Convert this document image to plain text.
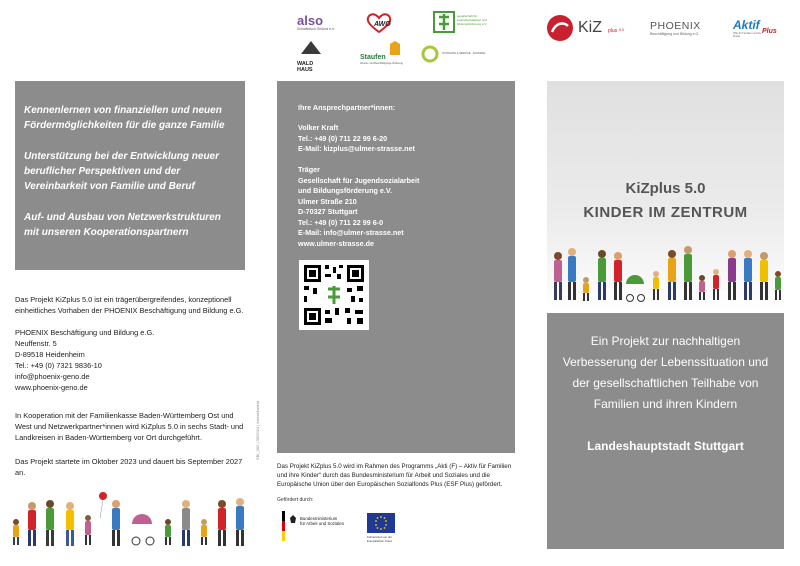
also
Schwäbisch Gmünd e.V.
AWO
gesellschaft für jugendsozialarbeit und bildungsförderung e.V.
WALD
HAUS
Staufen
Arbeits- und Beschäftigungs-förderung
IN PRIVATE & SERVICE · ZAHNRAD
KiZ plus 5.0 PHOENIX
Beschäftigung und Bildung e.G.
Aktif Plus
Hilfe für Familien und ihre Kinder

Kennenlernen von finanziellen und neuen Fördermöglichkeiten für die ganze Familie

Unterstützung bei der Entwicklung neuer beruflicher Perspektiven und der Vereinbarkeit von Familie und Beruf

Auf- und Ausbau von Netzwerkstrukturen mit unseren Kooperationspartnern

Das Projekt KiZplus 5.0 ist ein trägerübergreifendes, konzeptionell einheitliches Vorhaben der PHOENIX Beschäftigung und Bildung e.G.
PHOENIX Beschäftigung und Bildung e.G.
Neuffenstr. 5
D-89518 Heidenheim
Tel.: +49 (0) 7321 9836-10
info@phoenix-geno.de
www.phoenix-geno.de
In Kooperation mit der Familienkasse Baden-Württemberg Ost und West und Netzwerkpartner*innen wird KiZplus 5.0 in sechs Stadt- und Landkreisen in Baden-Württemberg vor Ort durchgeführt.
Das Projekt startete im Oktober 2023 und dauert bis September 2027 an.
SBI_002 | 05/2024 | Invent4world
Ihre Ansprechpartner*innen:
Volker Kraft
Tel.: +49 (0) 711 22 99 6-20
E-Mail: kizplus@ulmer-strasse.net
Träger
Gesellschaft für Jugendsozialarbeit
und Bildungsförderung e.V.
Ulmer Straße 210
D-70327 Stuttgart
Tel.: +49 (0) 711 22 99 6-0
E-Mail: info@ulmer-strasse.net
www.ulmer-strasse.de
Das Projekt KiZplus 5.0 wird im Rahmen des Programms „Akti (F) – Aktiv für Familien und ihre Kinder“ durch das Bundesministerium für Arbeit und Soziales und die Europäische Union über den Europäischen Sozialfonds Plus (ESF Plus) gefördert.
Gefördert durch:
Bundesministerium
für Arbeit und Soziales
Kofinanziert von der
Europäischen Union
KiZplus 5.0
KINDER IM ZENTRUM
Ein Projekt zur nachhaltigen Verbesserung der Lebenssituation und der gesellschaftlichen Teilhabe von Familien und ihren Kindern
Landeshauptstadt Stuttgart
